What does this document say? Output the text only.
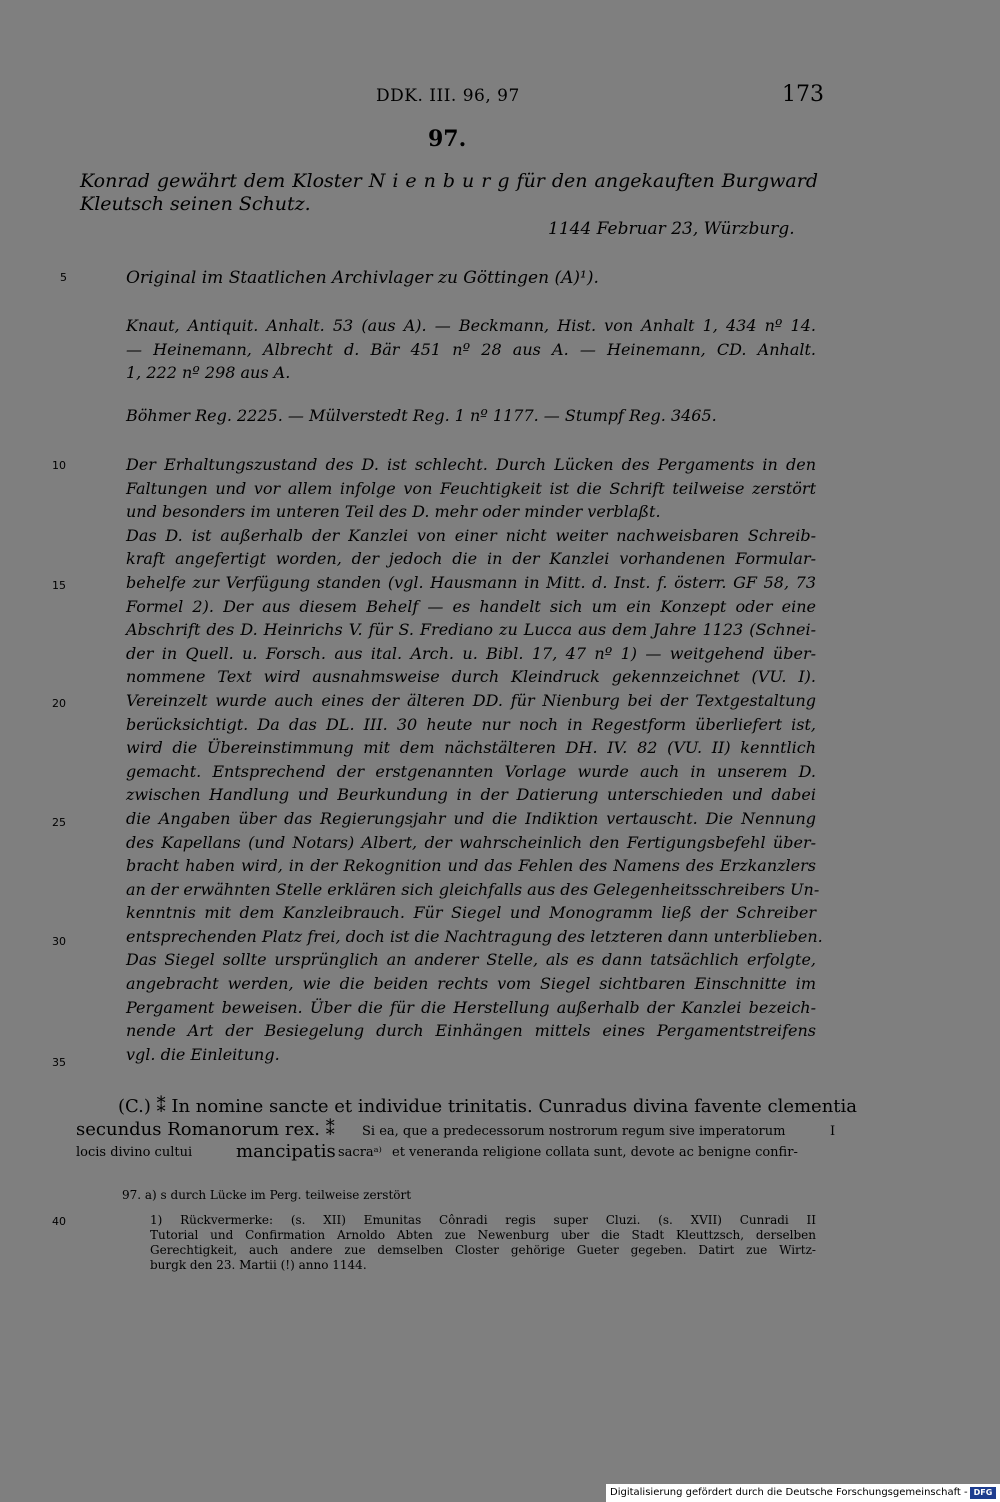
DDK. III. 96, 97	173
97.
Konrad gewährt dem Kloster N i e n b u r g für den angekauften Burgward
Kleutsch seinen Schutz.
1144 Februar 23, Würzburg.
5
10
15
20
25
30
35
40
Original im Staatlichen Archivlager zu Göttingen (A)¹).
Knaut, Antiquit. Anhalt. 53 (aus A). — Beckmann, Hist. von Anhalt 1, 434 nº 14.
— Heinemann, Albrecht d. Bär 451 nº 28 aus A. — Heinemann, CD. Anhalt.
1, 222 nº 298 aus A.
Böhmer Reg. 2225. — Mülverstedt Reg. 1 nº 1177. — Stumpf Reg. 3465.
Der Erhaltungszustand des D. ist schlecht. Durch Lücken des Pergaments in den
Faltungen und vor allem infolge von Feuchtigkeit ist die Schrift teilweise zerstört
und besonders im unteren Teil des D. mehr oder minder verblaßt.
Das D. ist außerhalb der Kanzlei von einer nicht weiter nachweisbaren Schreib-
kraft angefertigt worden, der jedoch die in der Kanzlei vorhandenen Formular-
behelfe zur Verfügung standen (vgl. Hausmann in Mitt. d. Inst. f. österr. GF 58, 73
Formel 2). Der aus diesem Behelf — es handelt sich um ein Konzept oder eine
Abschrift des D. Heinrichs V. für S. Frediano zu Lucca aus dem Jahre 1123 (Schnei-
der in Quell. u. Forsch. aus ital. Arch. u. Bibl. 17, 47 nº 1) — weitgehend über-
nommene Text wird ausnahmsweise durch Kleindruck gekennzeichnet (VU. I).
Vereinzelt wurde auch eines der älteren DD. für Nienburg bei der Textgestaltung
berücksichtigt. Da das DL. III. 30 heute nur noch in Regestform überliefert ist,
wird die Übereinstimmung mit dem nächstälteren DH. IV. 82 (VU. II) kenntlich
gemacht. Entsprechend der erstgenannten Vorlage wurde auch in unserem D.
zwischen Handlung und Beurkundung in der Datierung unterschieden und dabei
die Angaben über das Regierungsjahr und die Indiktion vertauscht. Die Nennung
des Kapellans (und Notars) Albert, der wahrscheinlich den Fertigungsbefehl über-
bracht haben wird, in der Rekognition und das Fehlen des Namens des Erzkanzlers
an der erwähnten Stelle erklären sich gleichfalls aus des Gelegenheitsschreibers Un-
kenntnis mit dem Kanzleibrauch. Für Siegel und Monogramm ließ der Schreiber
entsprechenden Platz frei, doch ist die Nachtragung des letzteren dann unterblieben.
Das Siegel sollte ursprünglich an anderer Stelle, als es dann tatsächlich erfolgte,
angebracht werden, wie die beiden rechts vom Siegel sichtbaren Einschnitte im
Pergament beweisen. Über die für die Herstellung außerhalb der Kanzlei bezeich-
nende Art der Besiegelung durch Einhängen mittels eines Pergamentstreifens
vgl. die Einleitung.
(C.) ⁑ In nomine sancte et individue trinitatis. Cunradus divina favente clementia
secundus Romanorum rex. ⁑ Si ea, que a predecessorum nostrorum regum sive imperatorum	I
locis divino cultui mancipatis sacraᵃ⁾ et veneranda religione collata sunt, devote ac benigne confir-
97. a) s durch Lücke im Perg. teilweise zerstört
1) Rückvermerke: (s. XII) Emunitas Cônradi regis super Cluzi. (s. XVII) Cunradi II
Tutorial und Confirmation Arnoldo Abten zue Newenburg uber die Stadt Kleuttzsch, derselben
Gerechtigkeit, auch andere zue demselben Closter gehörige Gueter gegeben. Datirt zue Wirtz-
burgk den 23. Martii (!) anno 1144.
Digitalisierung gefördert durch die Deutsche Forschungsgemeinschaft - DFG
